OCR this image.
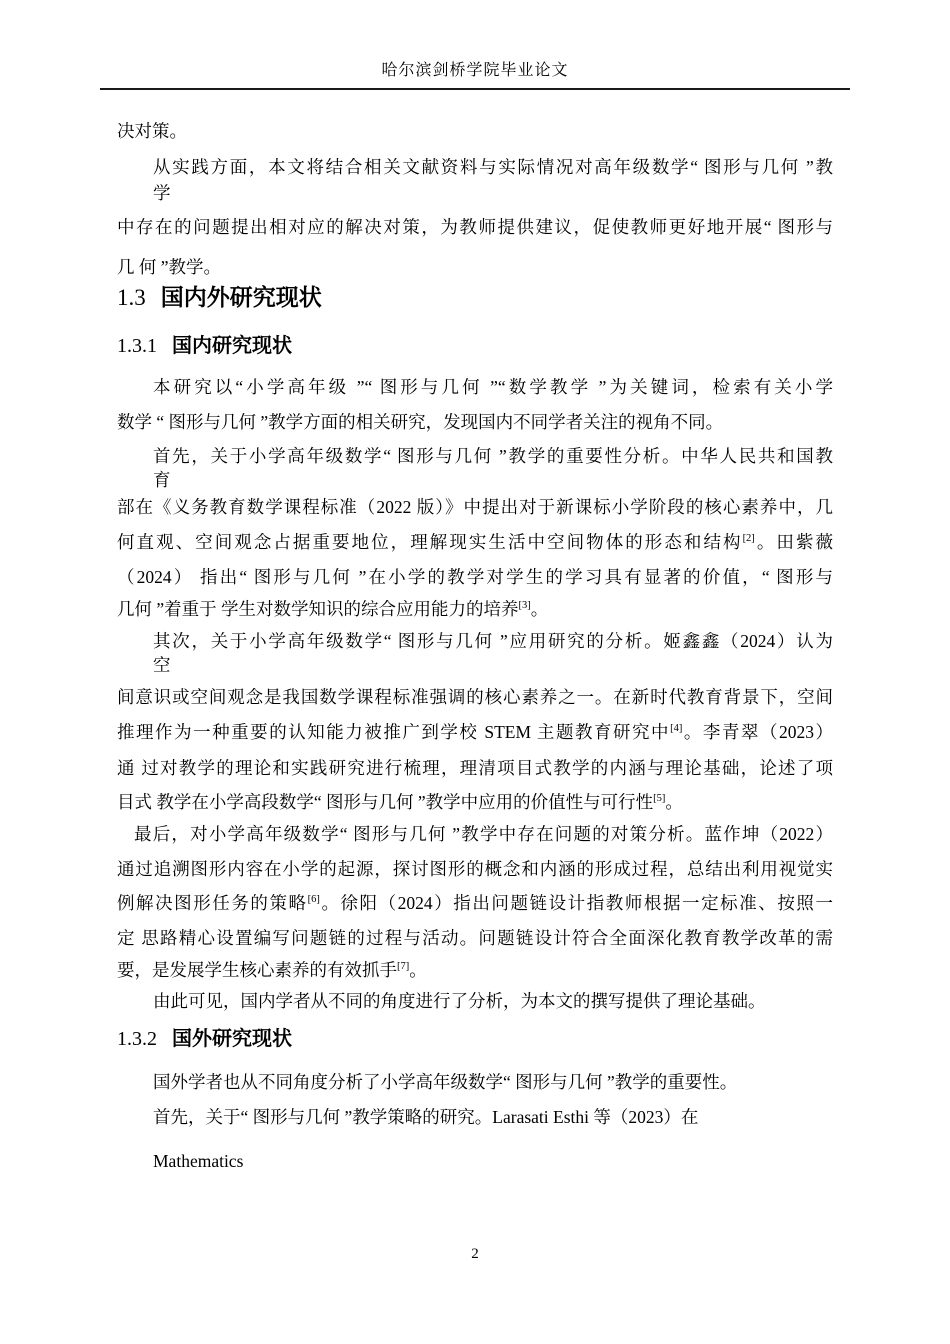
哈尔滨剑桥学院毕业论文
决对策。
从实践方面，本文将结合相关文献资料与实际情况对高年级数学“ 图形与几何 ”教
学
中存在的问题提出相对应的解决对策，为教师提供建议，促使教师更好地开展“ 图形与
几 何 ”教学。
1.3 国内外研究现状
1.3.1 国内研究现状
本研究以“小学高年级 ”“ 图形与几何 ”“数学教学 ”为关键词，检索有关小学
数学 “ 图形与几何 ”教学方面的相关研究，发现国内不同学者关注的视角不同。
首先，关于小学高年级数学“ 图形与几何 ”教学的重要性分析。中华人民共和国教
育
部在《义务教育数学课程标准（2022 版）》中提出对于新课标小学阶段的核心素养中，几
何直观、空间观念占据重要地位，理解现实生活中空间物体的形态和结构[2]。田紫薇
（2024） 指出“ 图形与几何 ”在小学的教学对学生的学习具有显著的价值，“ 图形与
几何 ”着重于 学生对数学知识的综合应用能力的培养[3]。
其次，关于小学高年级数学“ 图形与几何 ”应用研究的分析。姬鑫鑫（2024）认为
空
间意识或空间观念是我国数学课程标准强调的核心素养之一。在新时代教育背景下，空间
推理作为一种重要的认知能力被推广到学校 STEM 主题教育研究中[4]。李青翠（2023）
通 过对教学的理论和实践研究进行梳理，理清项目式教学的内涵与理论基础，论述了项
目式 教学在小学高段数学“ 图形与几何 ”教学中应用的价值性与可行性[5]。
最后，对小学高年级数学“ 图形与几何 ”教学中存在问题的对策分析。蓝作坤（2022）
通过追溯图形内容在小学的起源，探讨图形的概念和内涵的形成过程，总结出利用视觉实
例解决图形任务的策略[6]。徐阳（2024）指出问题链设计指教师根据一定标准、按照一
定 思路精心设置编写问题链的过程与活动。问题链设计符合全面深化教育教学改革的需
要，是发展学生核心素养的有效抓手[7]。
由此可见，国内学者从不同的角度进行了分析，为本文的撰写提供了理论基础。
1.3.2 国外研究现状
国外学者也从不同角度分析了小学高年级数学“ 图形与几何 ”教学的重要性。
首先，关于“ 图形与几何 ”教学策略的研究。Larasati Esthi 等（2023）在
Mathematics
2
